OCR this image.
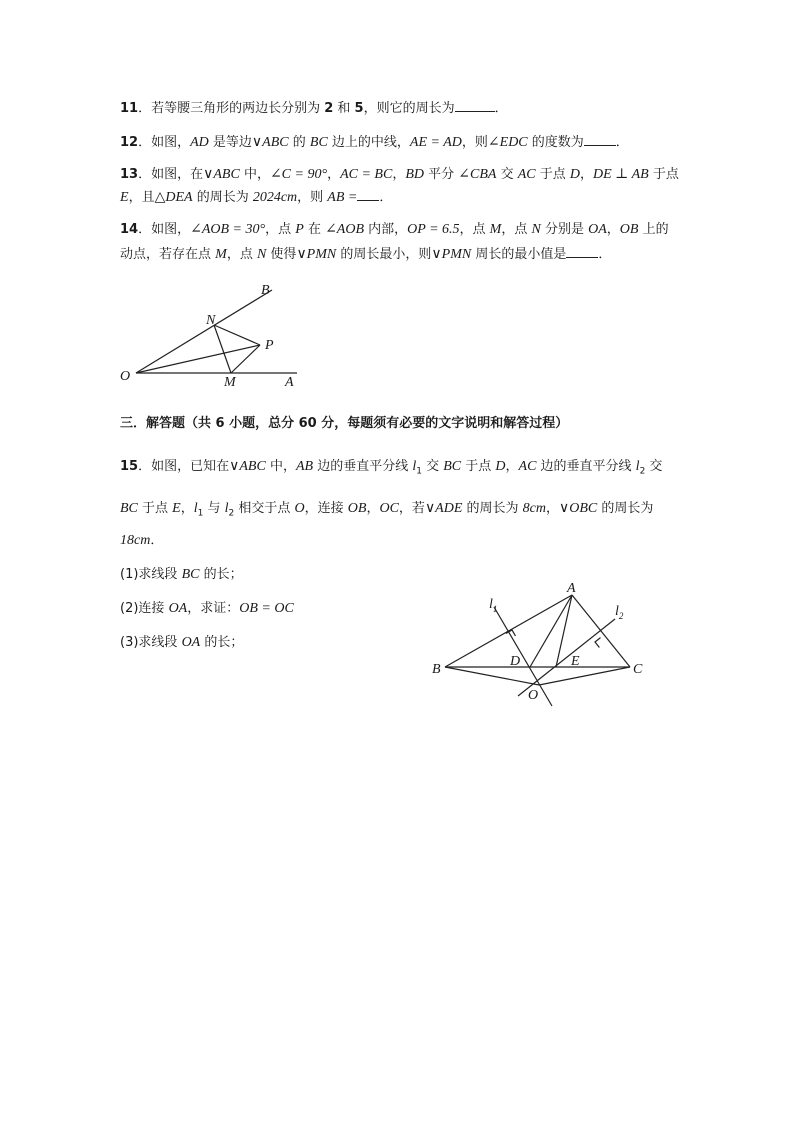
11．若等腰三角形的两边长分别为 2 和 5，则它的周长为	．
12．如图，AD 是等边∨ABC 的 BC 边上的中线，AE = AD，则∠EDC 的度数为 ．
13．如图，在∨ABC 中，∠C = 90°，AC = BC，BD 平分 ∠CBA 交 AC 于点 D，DE ⊥ AB 于点
E，且△DEA 的周长为 2024cm，则 AB = ．
14．如图，∠AOB = 30°，点 P 在 ∠AOB 内部，OP = 6.5，点 M，点 N 分别是 OA，OB 上的
动点，若存在点 M，点 N 使得∨PMN 的周长最小，则∨PMN 周长的最小值是 ．
B
N
P
O	M	A
三．解答题（共 6 小题，总分 60 分，每题须有必要的文字说明和解答过程）
15．如图，已知在∨ABC 中，AB 边的垂直平分线 $l_1$ 交 BC 于点 D，AC 边的垂直平分线 $l_2$ 交
BC 于点 E，$l_1$ 与 $l_2$ 相交于点 O，连接 OB，OC，若∨ADE 的周长为 8cm，∨OBC 的周长为
18cm．
(1)求线段 BC 的长；
(2)连接 OA，求证：OB = OC
(3)求线段 OA 的长；
A
$l_1$	$l_2$
B
D	E
C
O
